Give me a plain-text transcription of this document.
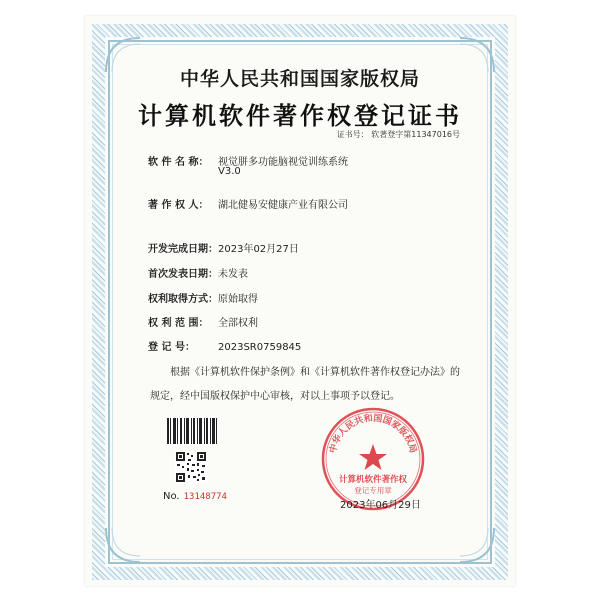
中华人民共和国国家版权局
计算机软件著作权登记证书
证书号： 软著登字第11347016号
软 件 名 称： 视觉胼多功能脑视觉训练系统
V3.0
著 作 权 人： 湖北健易安健康产业有限公司
开发完成日期：2023年02月27日
首次发表日期：未发表
权利取得方式：原始取得
权 利 范 围： 全部权利
登 记 号： 2023SR0759845
根据《计算机软件保护条例》和《计算机软件著作权登记办法》的
规定，经中国版权保护中心审核，对以上事项予以登记。
No. 13148774
中华人民共和国国家版权局
计算机软件著作权
登记专用章
2023年06月29日
